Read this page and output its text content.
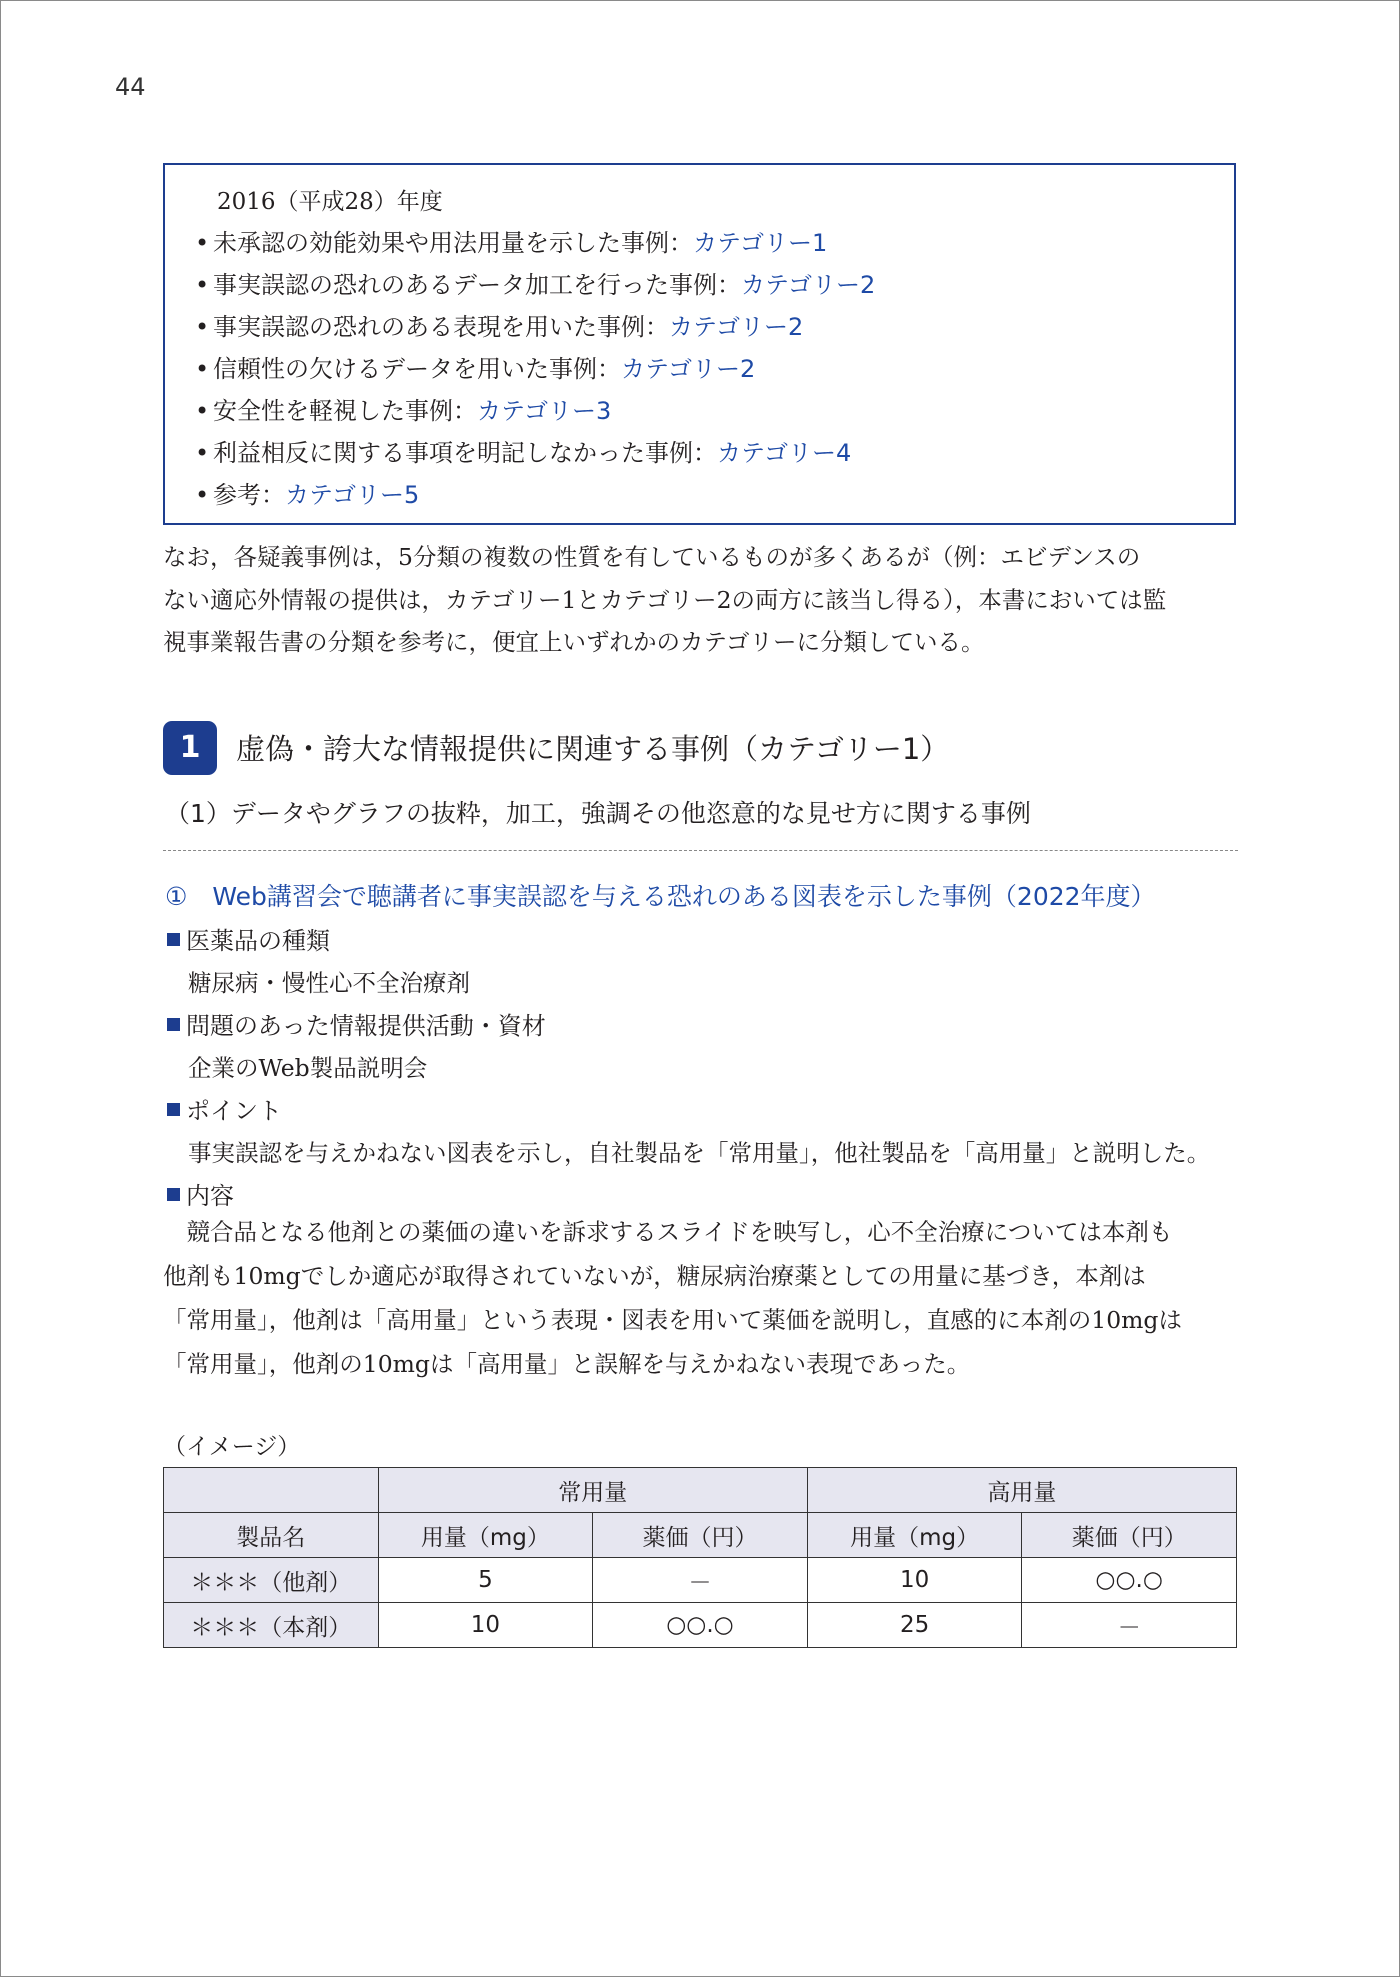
44
2016（平成28）年度
• 未承認の効能効果や用法用量を示した事例：カテゴリー1
• 事実誤認の恐れのあるデータ加工を行った事例：カテゴリー2
• 事実誤認の恐れのある表現を用いた事例：カテゴリー2
• 信頼性の欠けるデータを用いた事例：カテゴリー2
• 安全性を軽視した事例：カテゴリー3
• 利益相反に関する事項を明記しなかった事例：カテゴリー4
• 参考：カテゴリー5
なお，各疑義事例は，5分類の複数の性質を有しているものが多くあるが（例：エビデンスの
ない適応外情報の提供は，カテゴリー1とカテゴリー2の両方に該当し得る），本書においては監
視事業報告書の分類を参考に，便宜上いずれかのカテゴリーに分類している。
1	虚偽・誇大な情報提供に関連する事例（カテゴリー1）
（1）データやグラフの抜粋，加工，強調その他恣意的な見せ方に関する事例
①　Web講習会で聴講者に事実誤認を与える恐れのある図表を示した事例（2022年度）
医薬品の種類
糖尿病・慢性心不全治療剤
問題のあった情報提供活動・資材
企業のWeb製品説明会
ポイント
事実誤認を与えかねない図表を示し，自社製品を「常用量」，他社製品を「高用量」と説明した。
内容
　競合品となる他剤との薬価の違いを訴求するスライドを映写し，心不全治療については本剤も
他剤も10mgでしか適応が取得されていないが，糖尿病治療薬としての用量に基づき，本剤は
「常用量」，他剤は「高用量」という表現・図表を用いて薬価を説明し，直感的に本剤の10mgは
「常用量」，他剤の10mgは「高用量」と誤解を与えかねない表現であった。
（イメージ）
	常用量		高用量	
製品名	用量（mg）	薬価（円）	用量（mg）	薬価（円）
＊＊＊（他剤）	5	－	10	○○.○
＊＊＊（本剤）	10	○○.○	25	－
